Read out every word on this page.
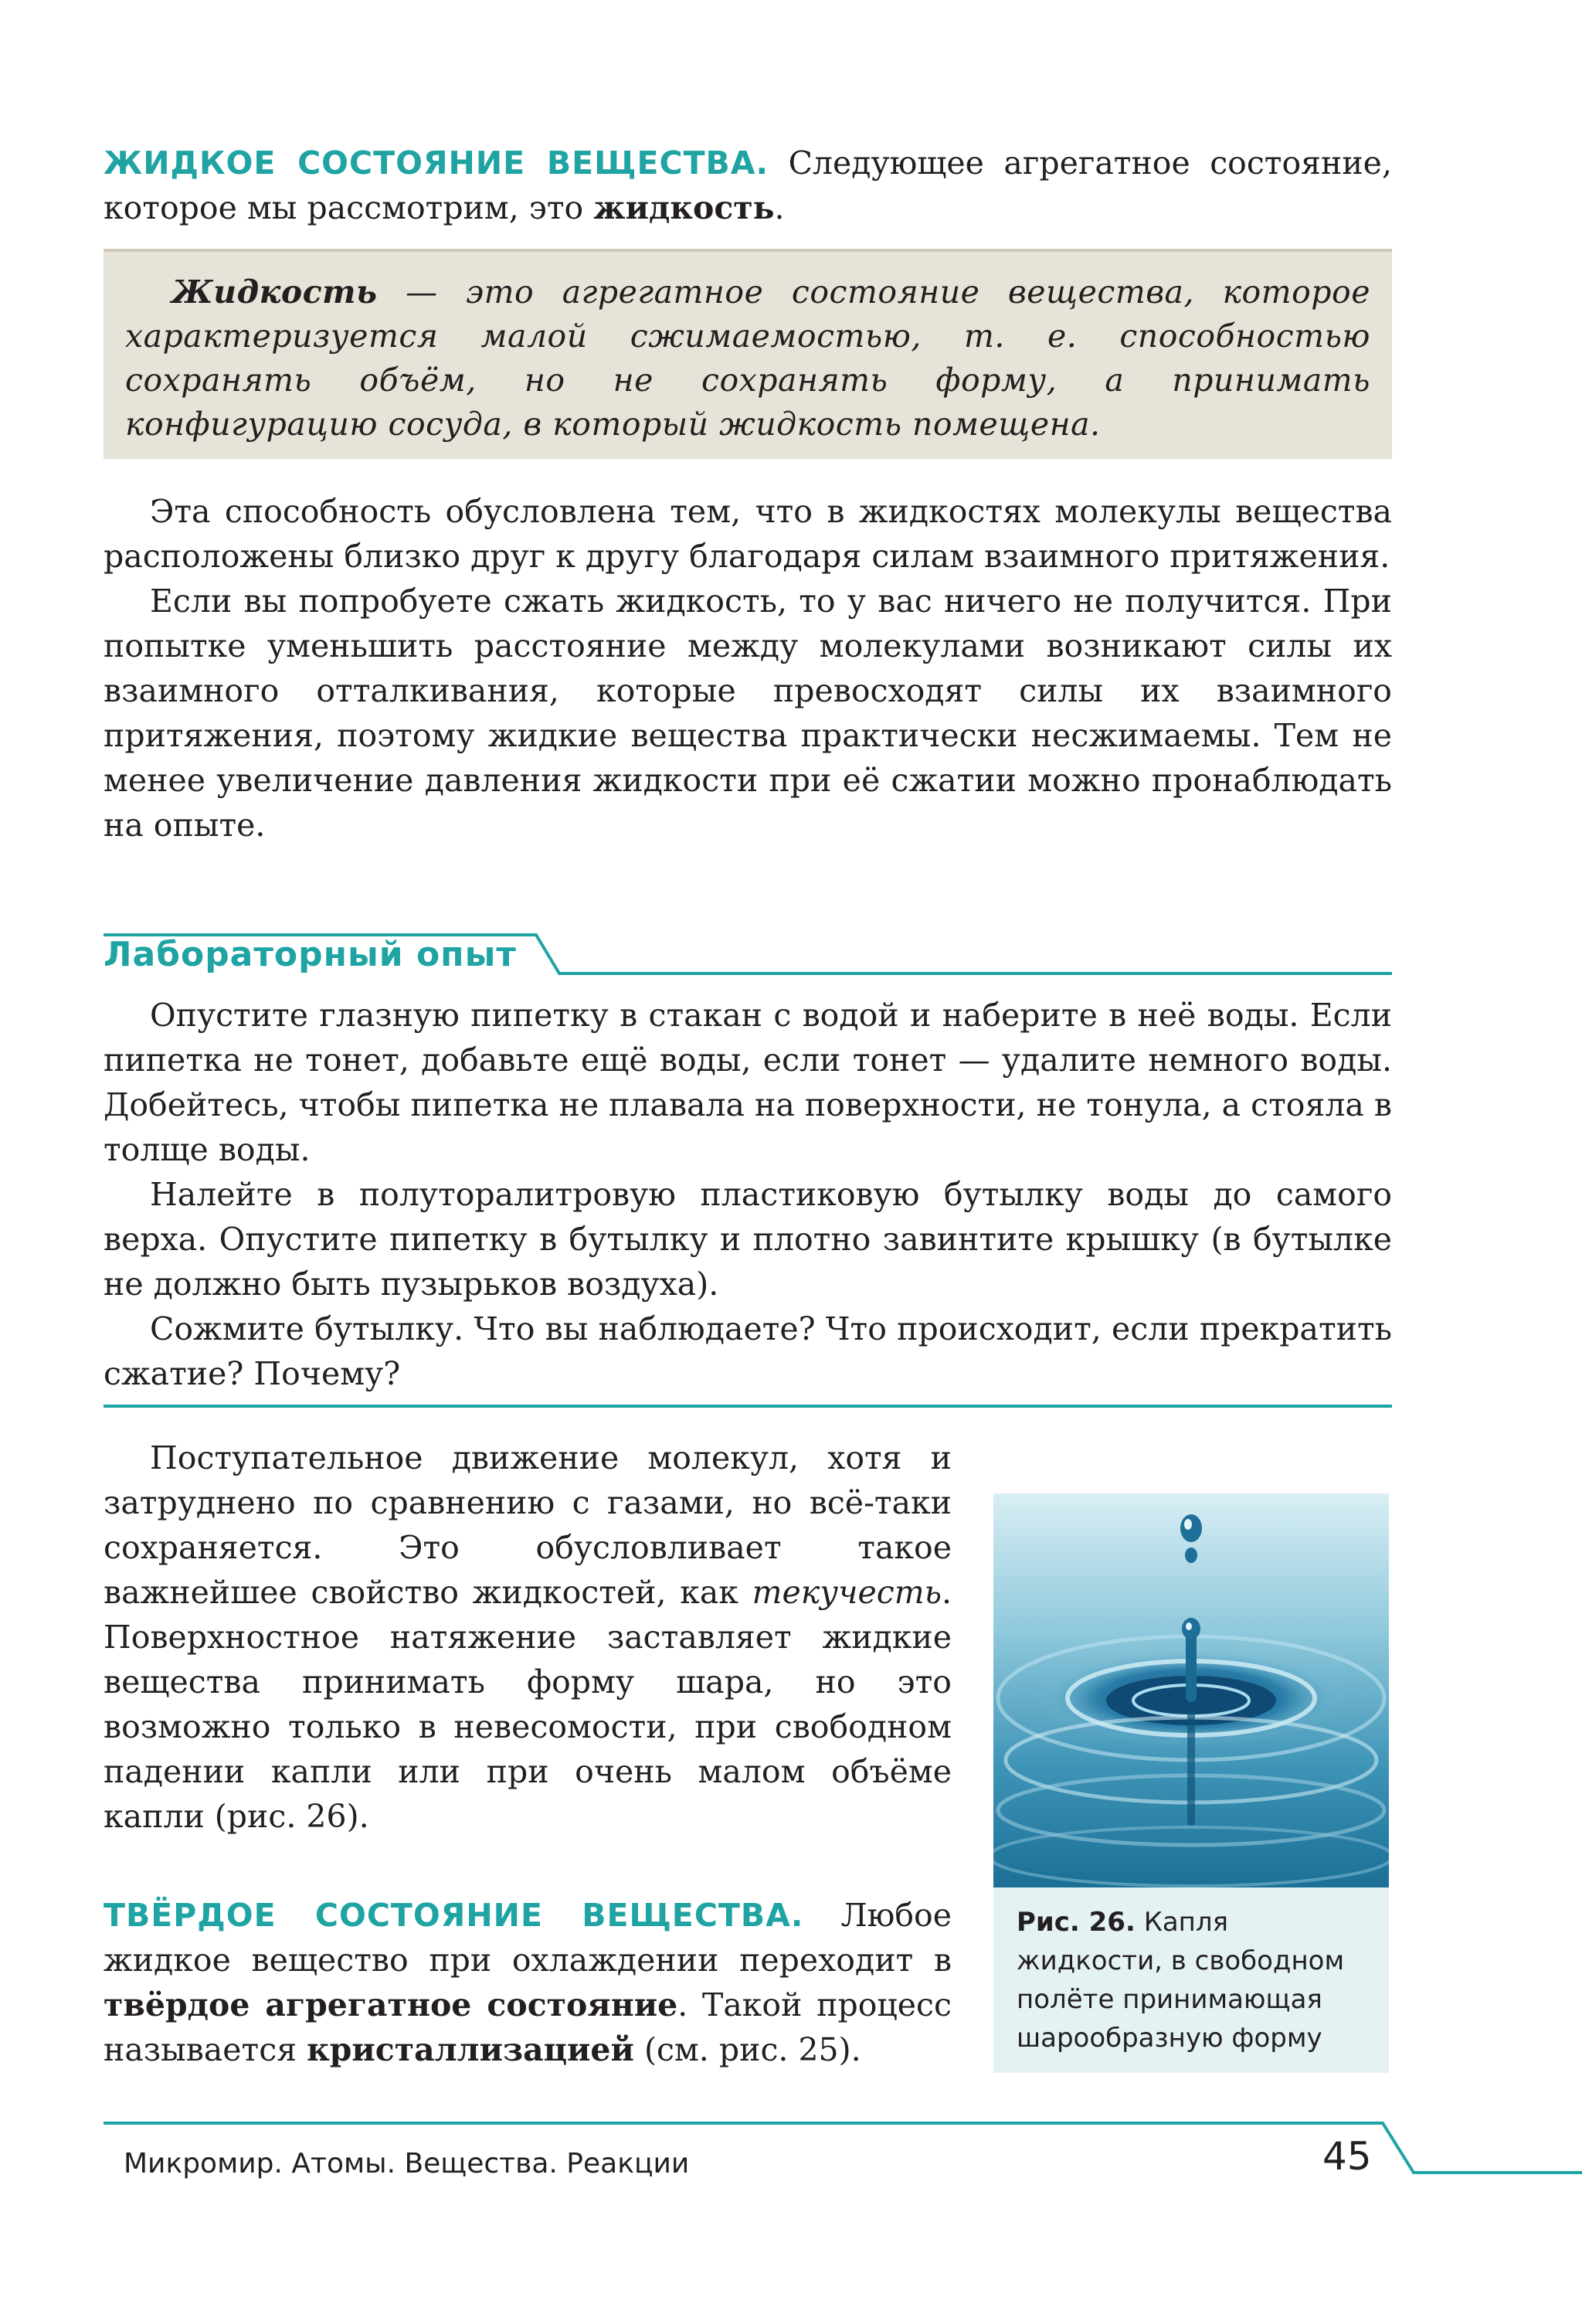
ЖИДКОЕ СОСТОЯНИЕ ВЕЩЕСТВА. Следующее агрегатное состояние, которое мы рассмотрим, это жидкость.

Жидкость — это агрегатное состояние вещества, которое характеризуется малой сжимаемостью, т. е. способностью сохранять объём, но не сохранять форму, а принимать конфигурацию сосуда, в который жидкость помещена.

Эта способность обусловлена тем, что в жидкостях молекулы вещества расположены близко друг к другу благодаря силам взаимного притяжения.

Если вы попробуете сжать жидкость, то у вас ничего не получится. При попытке уменьшить расстояние между молекулами возникают силы их взаимного отталкивания, которые превосходят силы их взаимного притяжения, поэтому жидкие вещества практически несжимаемы. Тем не менее увеличение давления жидкости при её сжатии можно пронаблюдать на опыте.

Лабораторный опыт

Опустите глазную пипетку в стакан с водой и наберите в неё воды. Если пипетка не тонет, добавьте ещё воды, если тонет — удалите немного воды. Добейтесь, чтобы пипетка не плавала на поверхности, не тонула, а стояла в толще воды.

Налейте в полуторалитровую пластиковую бутылку воды до самого верха. Опустите пипетку в бутылку и плотно завинтите крышку (в бутылке не должно быть пузырьков воздуха).

Сожмите бутылку. Что вы наблюдаете? Что происходит, если прекратить сжатие? Почему?

Поступательное движение молекул, хотя и затруднено по сравнению с газами, но всё-таки сохраняется. Это обусловливает такое важнейшее свойство жидкостей, как текучесть. Поверхностное натяжение заставляет жидкие вещества принимать форму шара, но это возможно только в невесомости, при свободном падении капли или при очень малом объёме капли (рис. 26).

ТВЁРДОЕ СОСТОЯНИЕ ВЕЩЕСТВА. Любое жидкое вещество при охлаждении переходит в твёрдое агрегатное состояние. Такой процесс называется кристаллизацией (см. рис. 25).

Рис. 26. Капля жидкости, в свободном полёте принимающая шарообразную форму
Микромир. Атомы. Вещества. Реакции	45
